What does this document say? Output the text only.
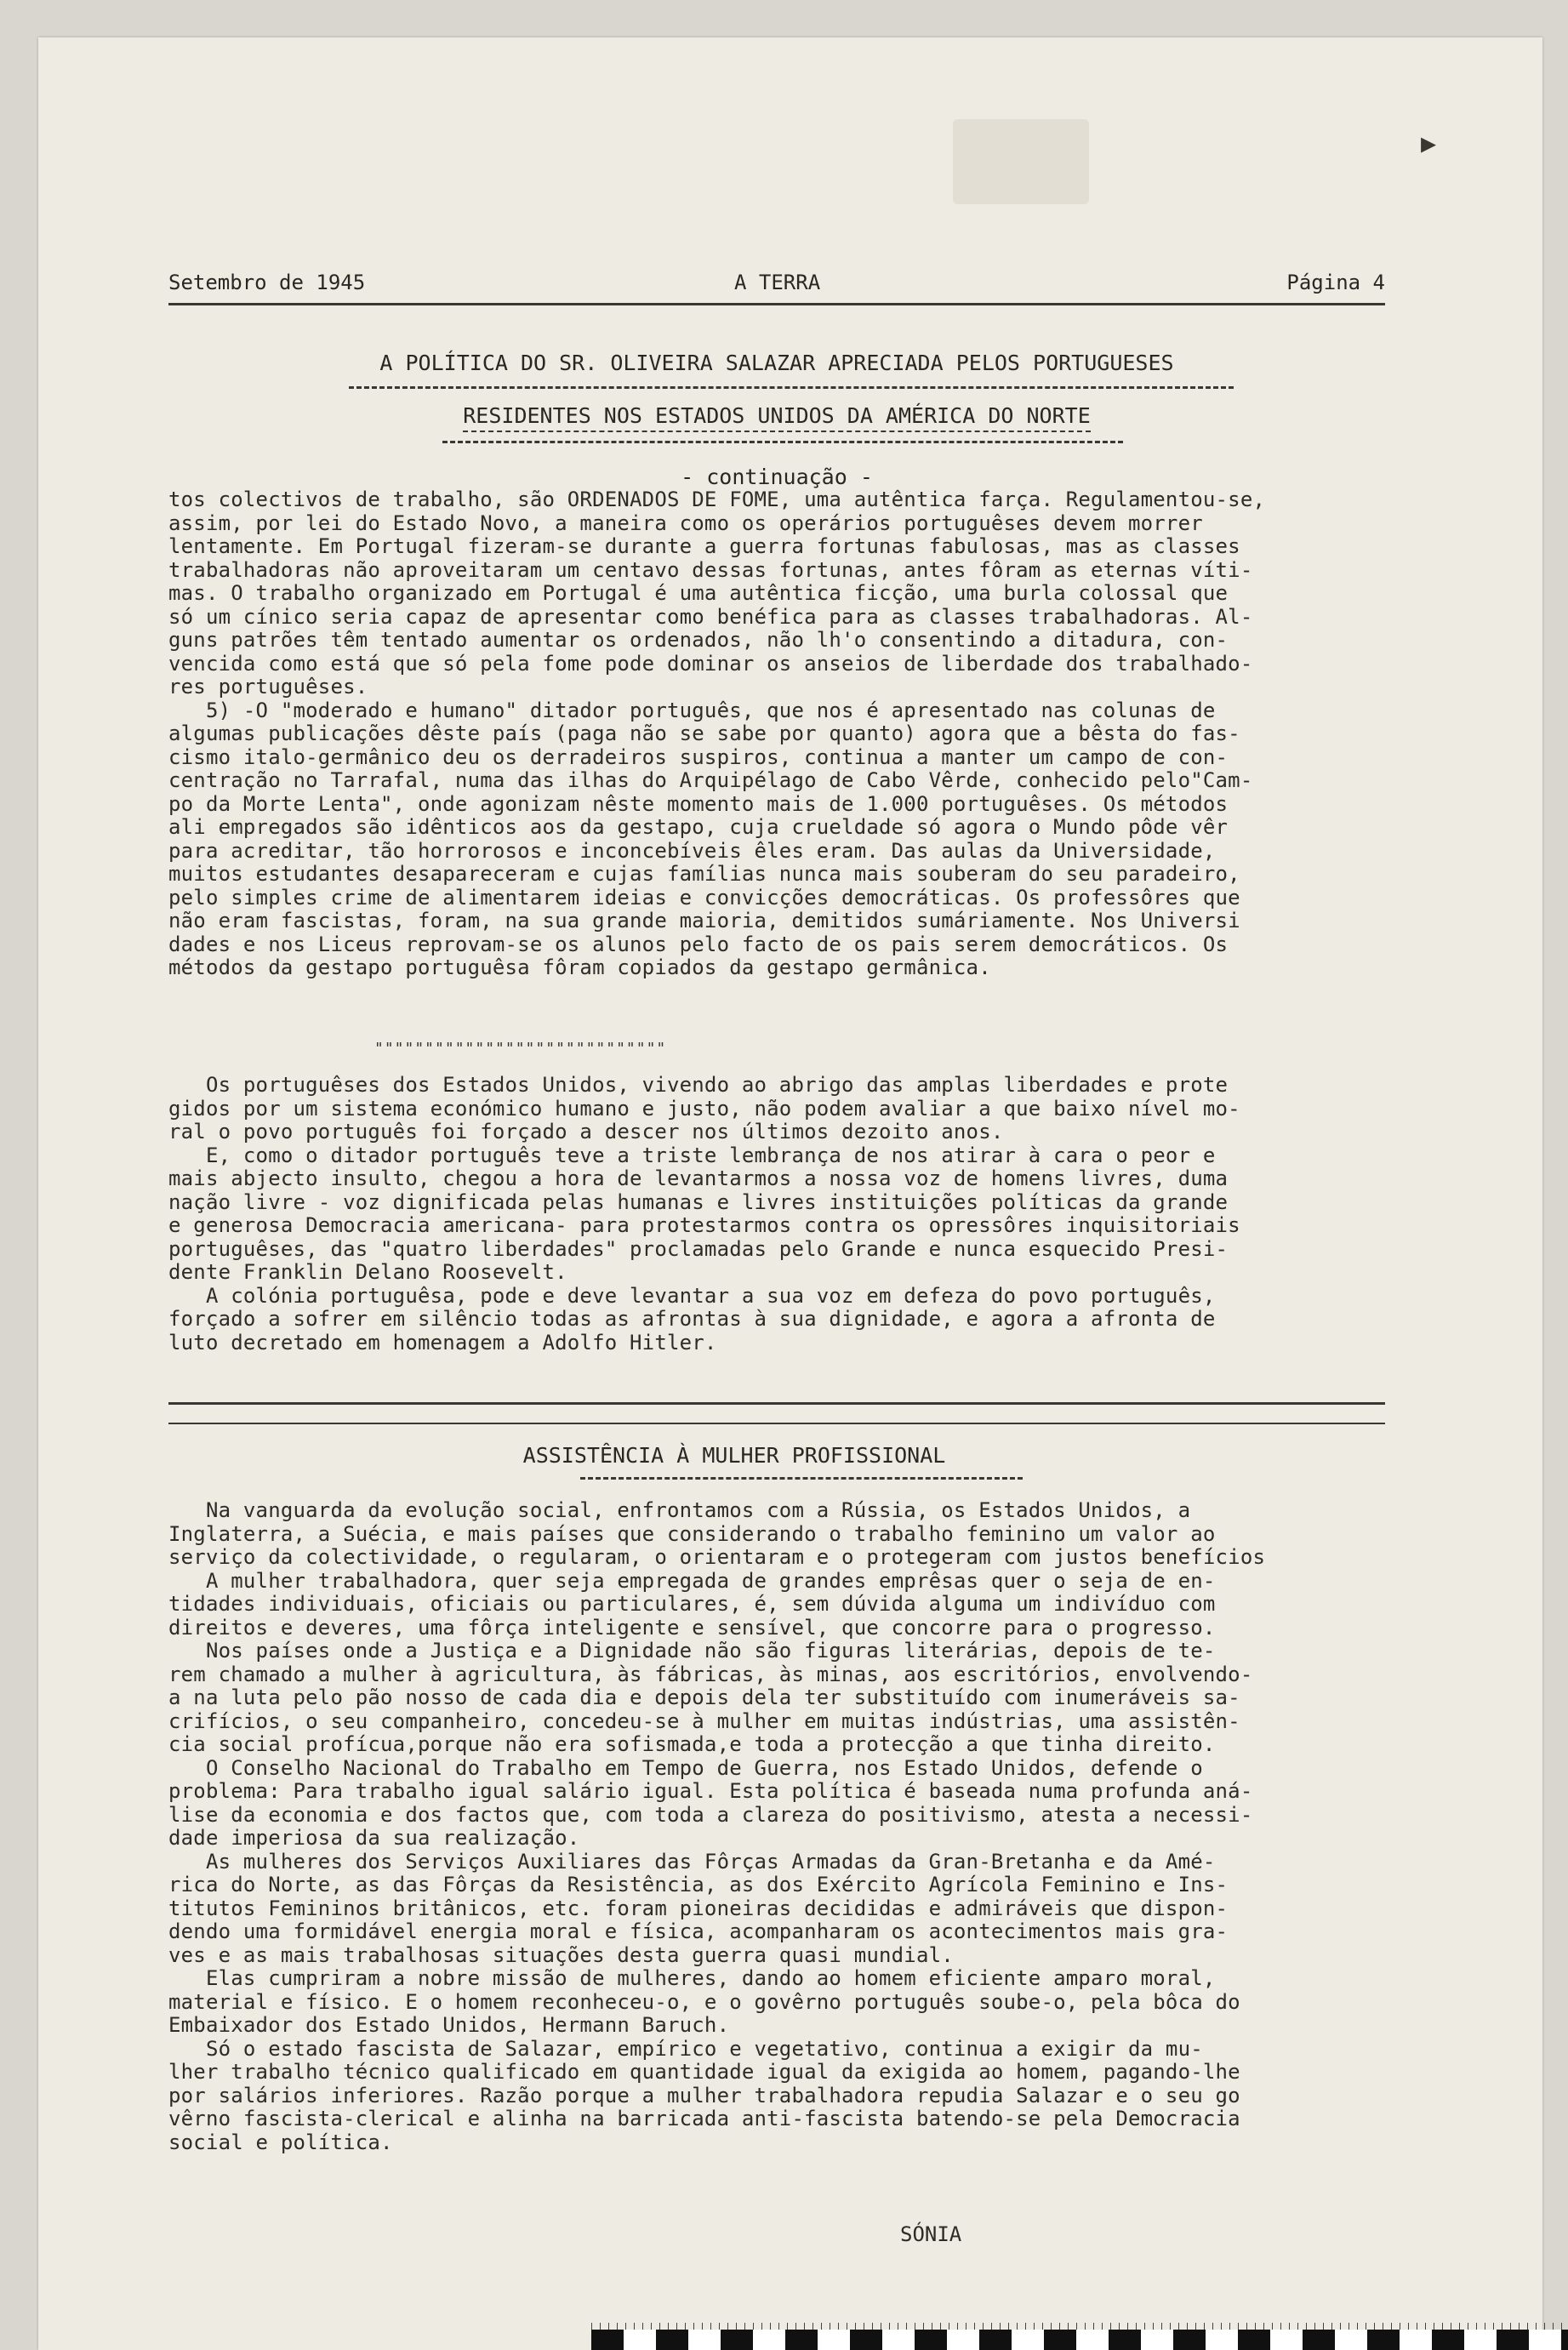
▸
Setembro de 1945	A TERRA	Página 4
A POLÍTICA DO SR. OLIVEIRA SALAZAR APRECIADA PELOS PORTUGUESES
RESIDENTES NOS ESTADOS UNIDOS DA AMÉRICA DO NORTE
- continuação -
tos colectivos de trabalho, são ORDENADOS DE FOME, uma autêntica farça. Regulamentou-se,
assim, por lei do Estado Novo, a maneira como os operários portuguêses devem morrer
lentamente. Em Portugal fizeram-se durante a guerra fortunas fabulosas, mas as classes
trabalhadoras não aproveitaram um centavo dessas fortunas, antes fôram as eternas víti-
mas. O trabalho organizado em Portugal é uma autêntica ficção, uma burla colossal que
só um cínico seria capaz de apresentar como benéfica para as classes trabalhadoras. Al-
guns patrões têm tentado aumentar os ordenados, não lh'o consentindo a ditadura, con-
vencida como está que só pela fome pode dominar os anseios de liberdade dos trabalhado-
res portuguêses.
5) -O "moderado e humano" ditador português, que nos é apresentado nas colunas de
algumas publicações dêste país (paga não se sabe por quanto) agora que a bêsta do fas-
cismo italo-germânico deu os derradeiros suspiros, continua a manter um campo de con-
centração no Tarrafal, numa das ilhas do Arquipélago de Cabo Vêrde, conhecido pelo"Cam-
po da Morte Lenta", onde agonizam nêste momento mais de 1.000 portuguêses. Os métodos
ali empregados são idênticos aos da gestapo, cuja crueldade só agora o Mundo pôde vêr
para acreditar, tão horrorosos e inconcebíveis êles eram. Das aulas da Universidade,
muitos estudantes desapareceram e cujas famílias nunca mais souberam do seu paradeiro,
pelo simples crime de alimentarem ideias e convicções democráticas. Os professôres que
não eram fascistas, foram, na sua grande maioria, demitidos sumáriamente. Nos Universi
dades e nos Liceus reprovam-se os alunos pelo facto de os pais serem democráticos. Os
métodos da gestapo portuguêsa fôram copiados da gestapo germânica.
"""""""""""""""""""""""""""""
Os portuguêses dos Estados Unidos, vivendo ao abrigo das amplas liberdades e prote
gidos por um sistema económico humano e justo, não podem avaliar a que baixo nível mo-
ral o povo português foi forçado a descer nos últimos dezoito anos.
E, como o ditador português teve a triste lembrança de nos atirar à cara o peor e
mais abjecto insulto, chegou a hora de levantarmos a nossa voz de homens livres, duma
nação livre - voz dignificada pelas humanas e livres instituições políticas da grande
e generosa Democracia americana- para protestarmos contra os opressôres inquisitoriais
portuguêses, das "quatro liberdades" proclamadas pelo Grande e nunca esquecido Presi-
dente Franklin Delano Roosevelt.
A colónia portuguêsa, pode e deve levantar a sua voz em defeza do povo português,
forçado a sofrer em silêncio todas as afrontas à sua dignidade, e agora a afronta de
luto decretado em homenagem a Adolfo Hitler.
ASSISTÊNCIA À MULHER PROFISSIONAL
Na vanguarda da evolução social, enfrontamos com a Rússia, os Estados Unidos, a
Inglaterra, a Suécia, e mais países que considerando o trabalho feminino um valor ao
serviço da colectividade, o regularam, o orientaram e o protegeram com justos benefícios
A mulher trabalhadora, quer seja empregada de grandes emprêsas quer o seja de en-
tidades individuais, oficiais ou particulares, é, sem dúvida alguma um indivíduo com
direitos e deveres, uma fôrça inteligente e sensível, que concorre para o progresso.
Nos países onde a Justiça e a Dignidade não são figuras literárias, depois de te-
rem chamado a mulher à agricultura, às fábricas, às minas, aos escritórios, envolvendo-
a na luta pelo pão nosso de cada dia e depois dela ter substituído com inumeráveis sa-
crifícios, o seu companheiro, concedeu-se à mulher em muitas indústrias, uma assistên-
cia social profícua,porque não era sofismada,e toda a protecção a que tinha direito.
O Conselho Nacional do Trabalho em Tempo de Guerra, nos Estado Unidos, defende o
problema: Para trabalho igual salário igual. Esta política é baseada numa profunda aná-
lise da economia e dos factos que, com toda a clareza do positivismo, atesta a necessi-
dade imperiosa da sua realização.
As mulheres dos Serviços Auxiliares das Fôrças Armadas da Gran-Bretanha e da Amé-
rica do Norte, as das Fôrças da Resistência, as dos Exército Agrícola Feminino e Ins-
titutos Femininos britânicos, etc. foram pioneiras decididas e admiráveis que dispon-
dendo uma formidável energia moral e física, acompanharam os acontecimentos mais gra-
ves e as mais trabalhosas situações desta guerra quasi mundial.
Elas cumpriram a nobre missão de mulheres, dando ao homem eficiente amparo moral,
material e físico. E o homem reconheceu-o, e o govêrno português soube-o, pela bôca do
Embaixador dos Estado Unidos, Hermann Baruch.
Só o estado fascista de Salazar, empírico e vegetativo, continua a exigir da mu-
lher trabalho técnico qualificado em quantidade igual da exigida ao homem, pagando-lhe
por salários inferiores. Razão porque a mulher trabalhadora repudia Salazar e o seu go
vêrno fascista-clerical e alinha na barricada anti-fascista batendo-se pela Democracia
social e política.
SÓNIA
